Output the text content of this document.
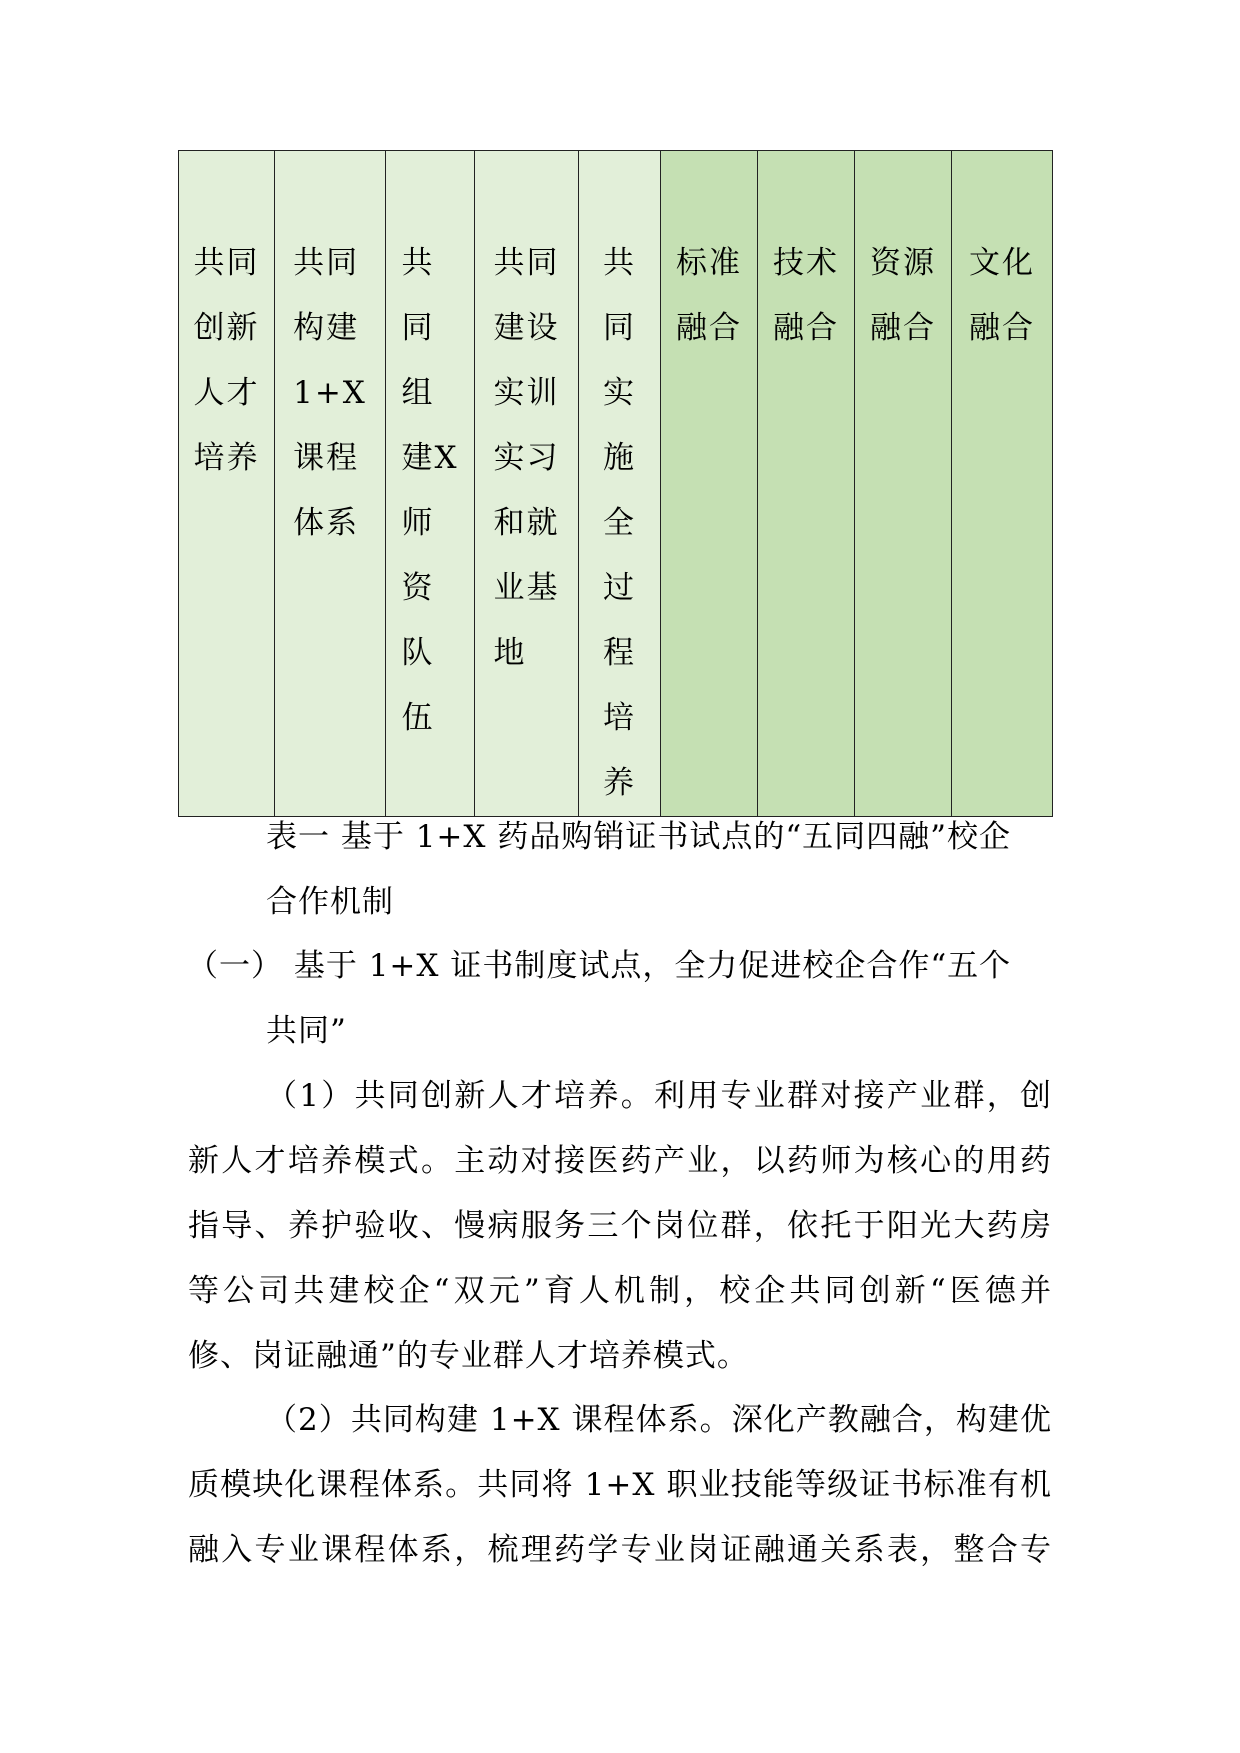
共同
创新
人才
培养	共同
构建
1+X
课程
体系	共
同
组
建X
师
资
队
伍	共同
建设
实训
实习
和就
业基
地	共
同
实
施
全
过
程
培
养	标准
融合	技术
融合	资源
融合	文化
融合
表一 基于 1+X 药品购销证书试点的“五同四融”校企
合作机制
（一） 基于 1+X 证书制度试点，全力促进校企合作“五个
共同”
（1）共同创新人才培养。利用专业群对接产业群，创
新人才培养模式。主动对接医药产业，以药师为核心的用药
指导、养护验收、慢病服务三个岗位群，依托于阳光大药房
等公司共建校企“双元”育人机制，校企共同创新“医德并
修、岗证融通”的专业群人才培养模式。
（2）共同构建 1+X 课程体系。深化产教融合，构建优
质模块化课程体系。共同将 1+X 职业技能等级证书标准有机
融入专业课程体系，梳理药学专业岗证融通关系表，整合专
